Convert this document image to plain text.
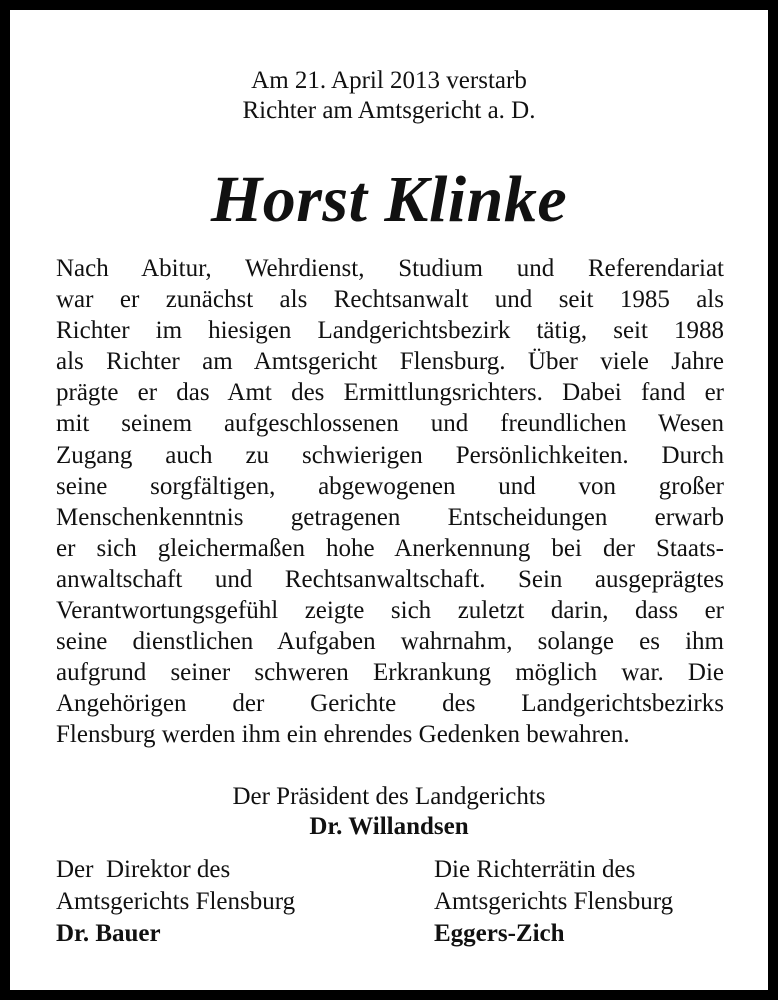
Am 21. April 2013 verstarb
Richter am Amtsgericht a. D.
Horst Klinke
Nach Abitur, Wehrdienst, Studium und Referendariat
war er zunächst als Rechtsanwalt und seit 1985 als
Richter im hiesigen Landgerichtsbezirk tätig, seit 1988
als Richter am Amtsgericht Flensburg. Über viele Jahre
prägte er das Amt des Ermittlungsrichters. Dabei fand er
mit seinem aufgeschlossenen und freundlichen Wesen
Zugang auch zu schwierigen Persönlichkeiten. Durch
seine sorgfältigen, abgewogenen und von großer
Menschenkenntnis getragenen Entscheidungen erwarb
er sich gleichermaßen hohe Anerkennung bei der Staats-
anwaltschaft und Rechtsanwaltschaft. Sein ausgeprägtes
Verantwortungsgefühl zeigte sich zuletzt darin, dass er
seine dienstlichen Aufgaben wahrnahm, solange es ihm
aufgrund seiner schweren Erkrankung möglich war. Die
Angehörigen der Gerichte des Landgerichtsbezirks
Flensburg werden ihm ein ehrendes Gedenken bewahren.
Der Präsident des Landgerichts
Dr. Willandsen
Der  Direktor des
Amtsgerichts Flensburg
Dr. Bauer
Die Richterrätin des
Amtsgerichts Flensburg
Eggers-Zich
